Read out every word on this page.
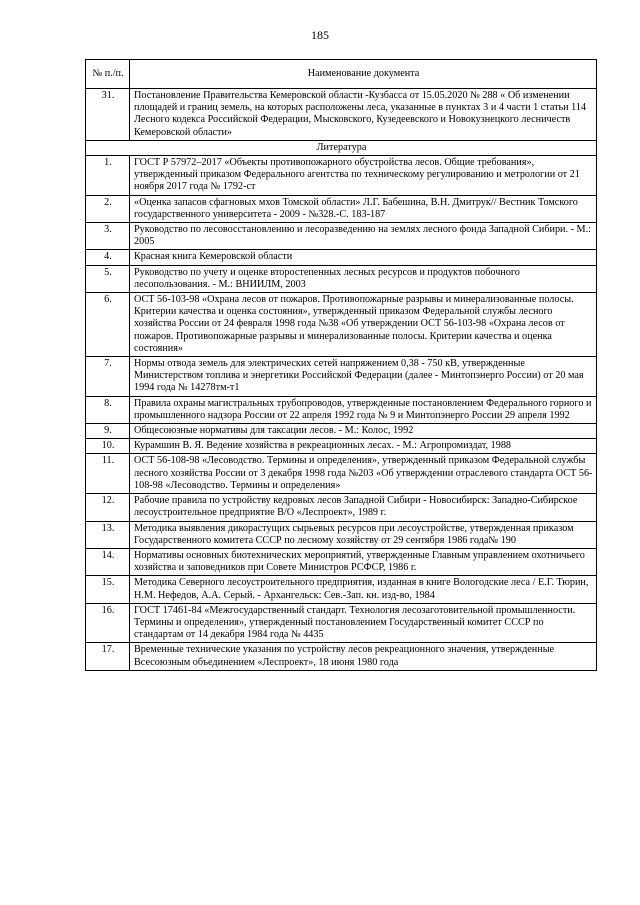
185
№ п./п.	Наименование документа
31.	Постановление Правительства Кемеровской области -Кузбасса от 15.05.2020 № 288 « Об изменении площадей и границ земель, на которых расположены леса, указанные в пунктах 3 и 4 части 1 статьи 114 Лесного кодекса Российской Федерации, Мысковского, Кузедеевского и Новокузнецкого лесничеств Кемеровской области»
Литература	
1.	ГОСТ Р 57972–2017 «Объекты противопожарного обустройства лесов. Общие требования», утвержденный приказом Федерального агентства по техническому регулированию и метрологии от 21 ноября 2017 года № 1792-ст
2.	«Оценка запасов сфагновых мхов Томской области» Л.Г. Бабешина, В.Н. Дмитрук// Вестник Томского государственного университета - 2009 - №328.-С. 183-187
3.	Руководство по лесовосстановлению и лесоразведению на землях лесного фонда Западной Сибири. - М.: 2005
4.	Красная книга Кемеровской области
5.	Руководство по учету и оценке второстепенных лесных ресурсов и продуктов побочного лесопользования. - М.: ВНИИЛМ, 2003
6.	ОСТ 56-103-98 «Охрана лесов от пожаров. Противопожарные разрывы и минерализованные полосы. Критерии качества и оценка состояния», утвержденный приказом Федеральной службы лесного хозяйства России от 24 февраля 1998 года №38 «Об утверждении ОСТ 56-103-98 «Охрана лесов от пожаров. Противопожарные разрывы и минерализованные полосы. Критерии качества и оценка состояния»
7.	Нормы отвода земель для электрических сетей напряжением 0,38 - 750 кВ, утвержденные Министерством топлива и энергетики Российской Федерации (далее - Минтопэнерго России) от 20 мая 1994 года № 14278тм-т1
8.	Правила охраны магистральных трубопроводов, утвержденные постановлением Федерального горного и промышленного надзора России от 22 апреля 1992 года № 9 и Минтопэнерго России 29 апреля 1992
9.	Общесоюзные нормативы для таксации лесов. - М.: Колос, 1992
10.	Курамшин В. Я. Ведение хозяйства в рекреационных лесах. - М.: Агропромиздат, 1988
11.	ОСТ 56-108-98 «Лесоводство. Термины и определения», утвержденный приказом Федеральной службы лесного хозяйства России от 3 декабря 1998 года №203 «Об утверждении отраслевого стандарта ОСТ 56-108-98 «Лесоводство. Термины и определения»
12.	Рабочие правила по устройству кедровых лесов Западной Сибири - Новосибирск: Западно-Сибирское лесоустроительное предприятие В/О «Леспроект», 1989 г.
13.	Методика выявления дикорастущих сырьевых ресурсов при лесоустройстве, утвержденная приказом Государственного комитета СССР по лесному хозяйству от 29 сентября 1986 года№ 190
14.	Нормативы основных биотехнических мероприятий, утвержденные Главным управлением охотничьего хозяйства и заповедников при Совете Министров РСФСР, 1986 г.
15.	Методика Северного лесоустроительного предприятия, изданная в книге Вологодские леса / Е.Г. Тюрин, Н.М. Нефедов, А.А. Серый. - Архангельск: Сев.-Зап. кн. изд-во, 1984
16.	ГОСТ 17461-84 «Межгосударственный стандарт. Технология лесозаготовительной промышленности. Термины и определения», утвержденный постановлением Государственный комитет СССР по стандартам от 14 декабря 1984 года № 4435
17.	Временные технические указания по устройству лесов рекреационного значения, утвержденные Всесоюзным объединением «Леспроект», 18 июня 1980 года
